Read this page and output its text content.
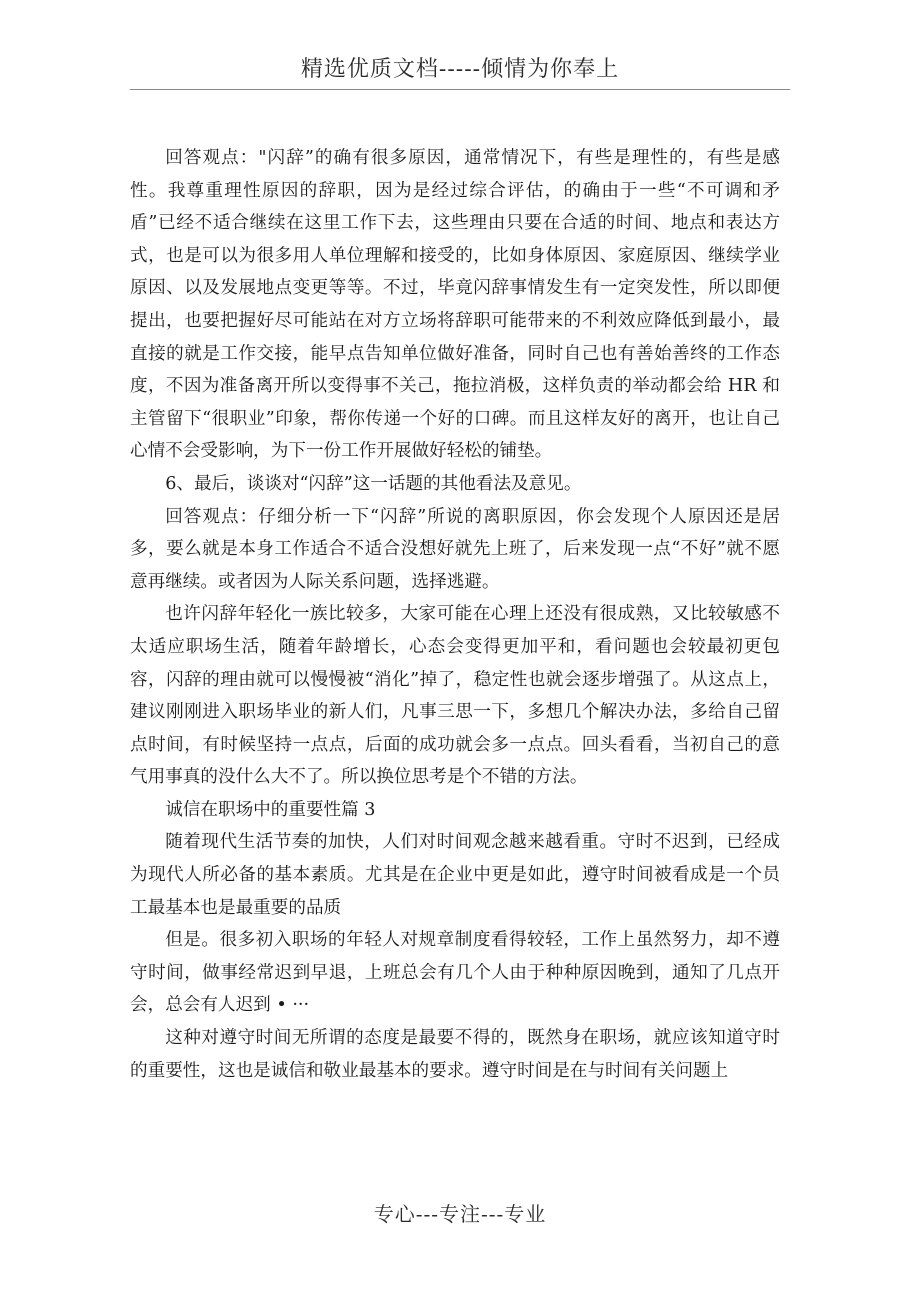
精选优质文档-----倾情为你奉上

回答观点："闪辞”的确有很多原因，通常情况下，有些是理性的，有些是感性。我尊重理性原因的辞职，因为是经过综合评估，的确由于一些“不可调和矛盾”已经不适合继续在这里工作下去，这些理由只要在合适的时间、地点和表达方式，也是可以为很多用人单位理解和接受的，比如身体原因、家庭原因、继续学业原因、以及发展地点变更等等。不过，毕竟闪辞事情发生有一定突发性，所以即便提出，也要把握好尽可能站在对方立场将辞职可能带来的不利效应降低到最小，最直接的就是工作交接，能早点告知单位做好准备，同时自己也有善始善终的工作态度，不因为准备离开所以变得事不关己，拖拉消极，这样负责的举动都会给 HR 和主管留下“很职业”印象，帮你传递一个好的口碑。而且这样友好的离开，也让自己心情不会受影响，为下一份工作开展做好轻松的铺垫。

6、最后，谈谈对“闪辞”这一话题的其他看法及意见。

回答观点：仔细分析一下“闪辞”所说的离职原因，你会发现个人原因还是居多，要么就是本身工作适合不适合没想好就先上班了，后来发现一点“不好”就不愿意再继续。或者因为人际关系问题，选择逃避。

也许闪辞年轻化一族比较多，大家可能在心理上还没有很成熟，又比较敏感不太适应职场生活，随着年龄增长，心态会变得更加平和，看问题也会较最初更包容，闪辞的理由就可以慢慢被“消化”掉了，稳定性也就会逐步增强了。从这点上，建议刚刚进入职场毕业的新人们，凡事三思一下，多想几个解决办法，多给自己留点时间，有时候坚持一点点，后面的成功就会多一点点。回头看看，当初自己的意气用事真的没什么大不了。所以换位思考是个不错的方法。

诚信在职场中的重要性篇 3

随着现代生活节奏的加快，人们对时间观念越来越看重。守时不迟到，已经成为现代人所必备的基本素质。尤其是在企业中更是如此，遵守时间被看成是一个员工最基本也是最重要的品质

但是。很多初入职场的年轻人对规章制度看得较轻，工作上虽然努力，却不遵守时间，做事经常迟到早退，上班总会有几个人由于种种原因晚到，通知了几点开会，总会有人迟到 • ···

这种对遵守时间无所谓的态度是最要不得的，既然身在职场，就应该知道守时的重要性，这也是诚信和敬业最基本的要求。遵守时间是在与时间有关问题上

专心---专注---专业
